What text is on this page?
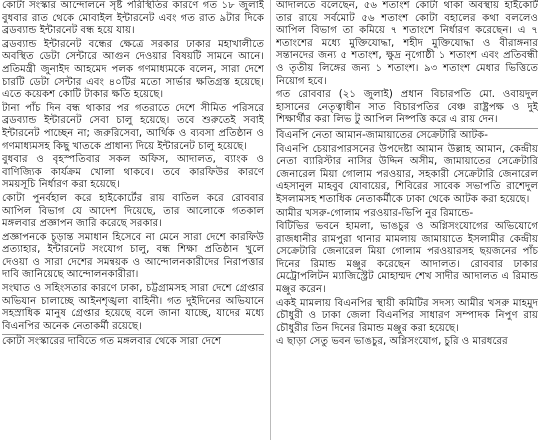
কোটা সংস্কার আন্দোলনে সৃষ্ট পরিস্থিতির কারণে গত ১৮ জুলাই বুধবার রাত থেকে মোবাইল ইন্টারনেট এবং গত রাত ৯টার দিকে ব্রডব্যান্ড ইন্টারনেট বন্ধ হয়ে যায়।

ব্রডব্যান্ড ইন্টারনেট বন্ধের ক্ষেত্রে সরকার ঢাকার মহাখালীতে অবস্থিত ডেটা সেন্টারে আগুন দেওয়ার বিষয়টি সামনে আনে। প্রতিমন্ত্রী জুনাইদ আহমেদ পলক গণমাধ্যমকে বলেন, সারা দেশে চারটি ডেটা সেন্টার এবং ৪০টির মতো সার্ভার ক্ষতিগ্রস্ত হয়েছে। এতে কয়েকশ কোটি টাকার ক্ষতি হয়েছে।

টানা পাঁচ দিন বন্ধ থাকার পর গতরাতে দেশে সীমিত পরিসরে ব্রডব্যান্ড ইন্টারনেট সেবা চালু হয়েছে। তবে শুরুতেই সবাই ইন্টারনেট পাচ্ছেন না; জরুরিসেবা, আর্থিক ও ব্যবসা প্রতিষ্ঠান ও গণমাধ্যমসহ কিছু খাতকে প্রাধান্য দিয়ে ইন্টারনেট চালু হয়েছে।

বুধবার ও বৃহস্পতিবার সকল অফিস, আদালত, ব্যাংক ও বাণিজ্যিক কার্যক্রম খোলা থাকবে। তবে কারফিউর কারণে সময়সূচি নির্ধারণ করা হয়েছে।

কোটা পুনর্বহাল করে হাইকোর্টের রায় বাতিল করে রোববার আপিল বিভাগ যে আদেশ দিয়েছে, তার আলোকে গতকাল মঙ্গলবার প্রজ্ঞাপন জারি করেছে সরকার।

প্রজ্ঞাপনকে চূড়ান্ত সমাধান হিসেবে না মেনে সারা দেশে কারফিউ প্রত্যাহার, ইন্টারনেট সংযোগ চালু, বন্ধ শিক্ষা প্রতিষ্ঠান খুলে দেওয়া ও সারা দেশের সমন্বয়ক ও আন্দোলনকারীদের নিরাপত্তার দাবি জানিয়েছে আন্দোলনকারীরা।

সংঘাত ও সহিংসতার কারণে ঢাকা, চট্টগ্রামসহ সারা দেশে গ্রেপ্তার অভিযান চালাচ্ছে আইনশৃঙ্খলা বাহিনী। গত দুইদিনের অভিযানে সহস্রাধিক মানুষ গ্রেপ্তার হয়েছে বলে জানা যাচ্ছে, যাদের মধ্যে বিএনপির অনেক নেতাকর্মী রয়েছে।

কোটা সংস্কারের দাবিতে গত মঙ্গলবার থেকে সারা দেশে

আদালতে বলেছেন, ৫৬ শতাংশ কোটা থাকা অবস্থায় হাইকোর্ট তার রায়ে সর্বমোট ৫৬ শতাংশ কোটা বহালের কথা বললেও আপিল বিভাগ তা কমিয়ে ৭ শতাংশে নির্ধারণ করেছেন। এ ৭ শতাংশের মধ্যে মুক্তিযোদ্ধা, শহীদ মুক্তিযোদ্ধা ও বীরাঙ্গনার সন্তানদের জন্য ৫ শতাংশ, ক্ষুদ্র নৃগোষ্ঠী ১ শতাংশ এবং প্রতিবন্ধী ও তৃতীয় লিঙ্গের জন্য ১ শতাংশ। ৯৩ শতাংশ মেধার ভিত্তিতে নিয়োগ হবে।

গত রোববার (২১ জুলাই) প্রধান বিচারপতি মো. ওবায়দুল হাসানের নেতৃত্বাধীন সাত বিচারপতির বেঞ্চ রাষ্ট্রপক্ষ ও দুই শিক্ষার্থীর করা লিভ টু আপিল নিষ্পত্তি করে এ রায় দেন।

বিএনপি নেতা আমান-জামায়াতের সেক্রেটারি আটক-

বিএনপি চেয়ারপারসনের উপদেষ্টা আমান উল্লাহ আমান, কেন্দ্রীয় নেতা ব্যারিস্টার নাসির উদ্দিন অসীম, জামায়াতের সেক্রেটারি জেনারেল মিয়া গোলাম পরওয়ার, সহকারী সেক্রেটারি জেনারেল এহসানুল মাহবুব যোবায়ের, শিবিরের সাবেক সভাপতি রাশেদুল ইসলামসহ শতাধিক নেতাকর্মীকে ঢাকা থেকে আটক করা হয়েছে।

আমীর খসরু-গোলাম পরওয়ার-ভিপি নুর রিমান্ডে-

বিটিভির ভবনে হামলা, ভাঙচুর ও অগ্নিসংযোগের অভিযোগে রাজধানীর রামপুরা থানার মামলায় জামায়াতে ইসলামীর কেন্দ্রীয় সেক্রেটারি জেনারেল মিয়া গোলাম পরওয়ারসহ ছয়জনের পাঁচ দিনের রিমান্ড মঞ্জুর করেছেন আদালত। রোববার ঢাকার মেট্রোপলিটন ম্যাজিস্ট্রেট মোহাম্মদ শেখ সাদীর আদালত এ রিমান্ড মঞ্জুর করেন।

একই মামলায় বিএনপির স্থায়ী কমিটির সদস্য আমীর খসরু মাহমুদ চৌধুরী ও ঢাকা জেলা বিএনপির সাধারণ সম্পাদক নিপুণ রায় চৌধুরীর তিন দিনের রিমান্ড মঞ্জুর করা হয়েছে।

এ ছাড়া সেতু ভবন ভাঙচুর, অগ্নিসংযোগ, চুরি ও মারধরের
